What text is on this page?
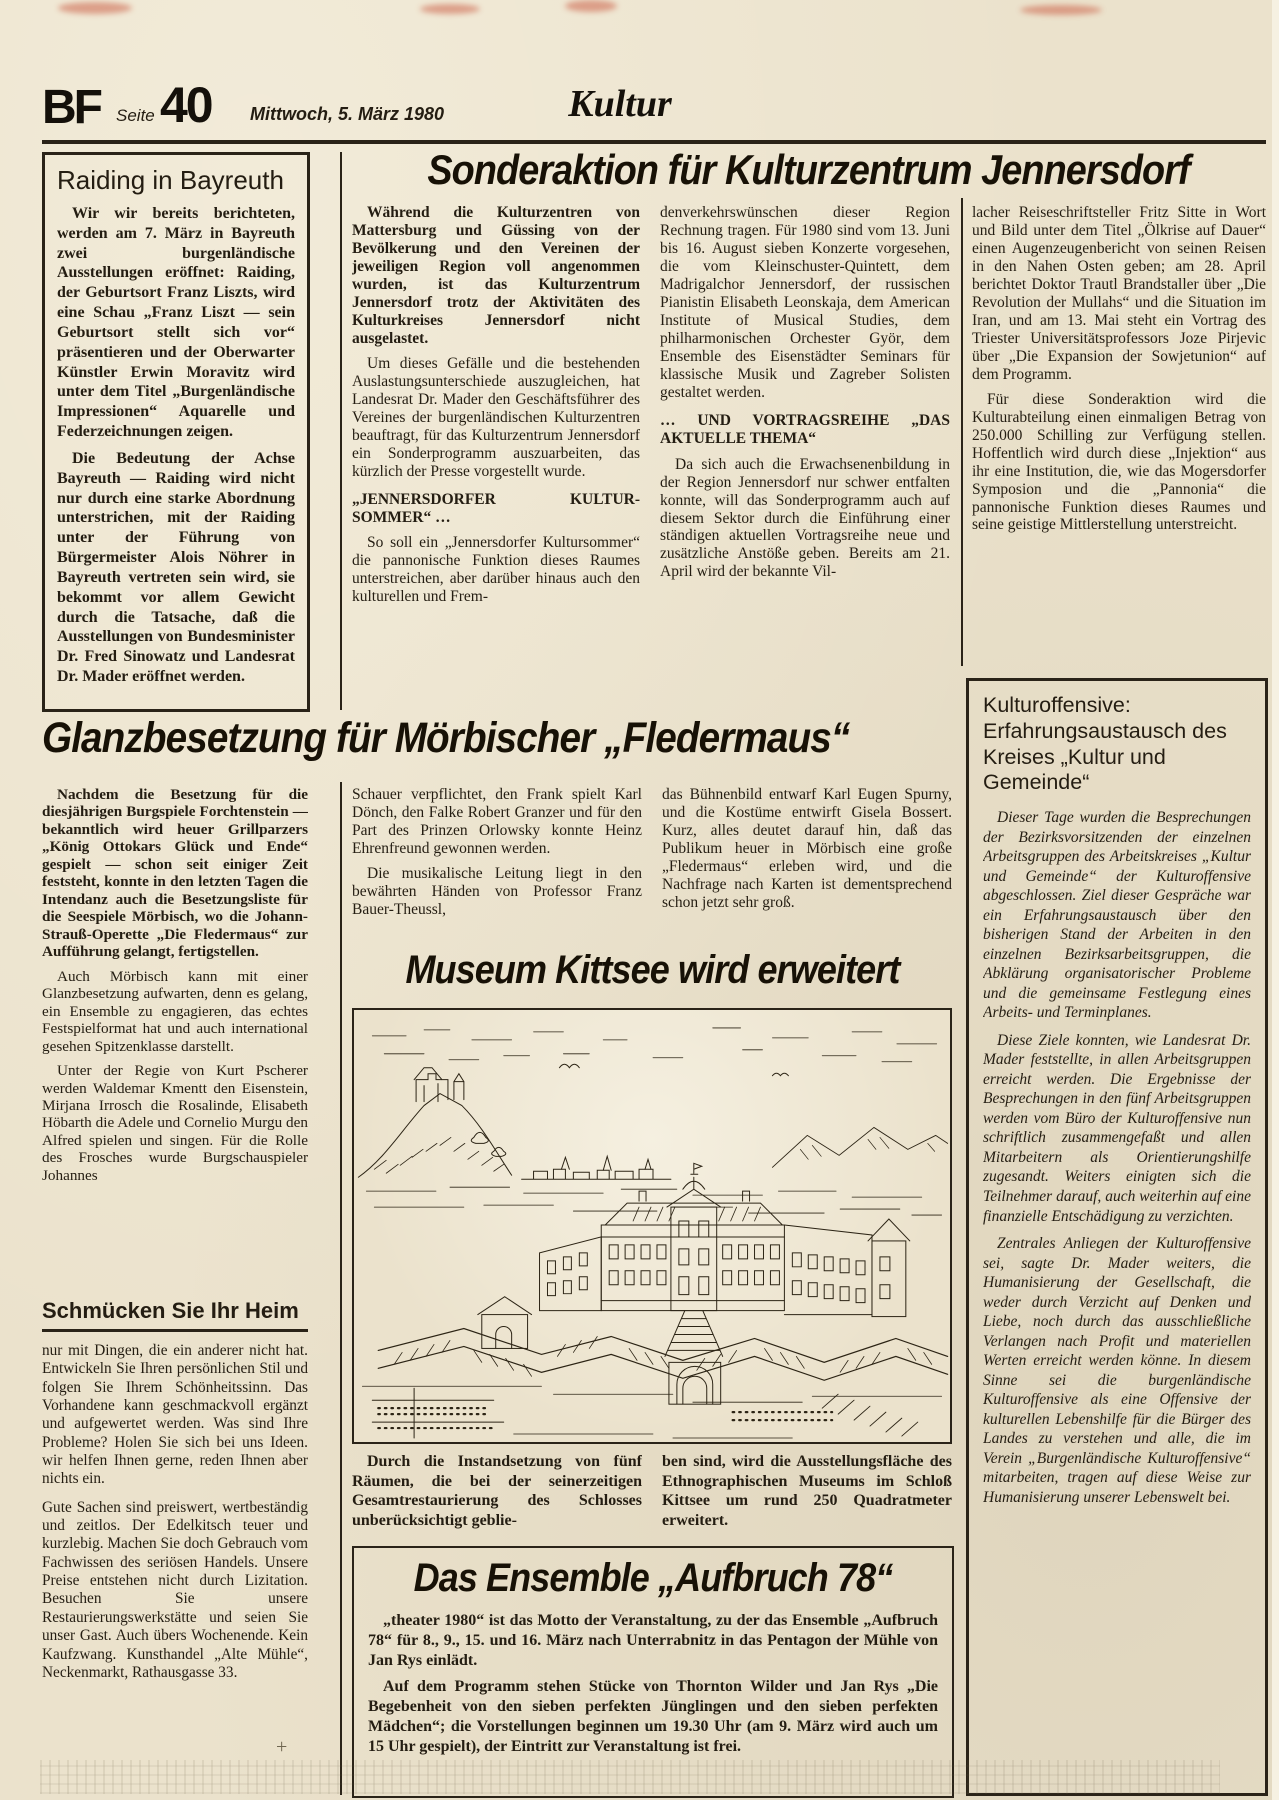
BF Seite 40 Mittwoch, 5. März 1980	Kultur
Raiding in Bayreuth

Wir wir bereits berichteten, werden am 7. März in Bayreuth zwei burgenländische Ausstellungen eröffnet: Raiding, der Geburtsort Franz Liszts, wird eine Schau „Franz Liszt — sein Geburtsort stellt sich vor“ präsentieren und der Oberwarter Künstler Erwin Moravitz wird unter dem Titel „Burgenländische Impressionen“ Aquarelle und Federzeichnungen zeigen.

Die Bedeutung der Achse Bayreuth — Raiding wird nicht nur durch eine starke Abordnung unterstrichen, mit der Raiding unter der Führung von Bürgermeister Alois Nöhrer in Bayreuth vertreten sein wird, sie bekommt vor allem Gewicht durch die Tatsache, daß die Ausstellungen von Bundesminister Dr. Fred Sinowatz und Landesrat Dr. Mader eröffnet werden.

Sonderaktion für Kulturzentrum Jennersdorf

Während die Kulturzentren von Mattersburg und Güssing von der Bevölkerung und den Vereinen der jeweiligen Region voll angenommen wurden, ist das Kulturzentrum Jennersdorf trotz der Aktivitäten des Kulturkreises Jennersdorf nicht ausgelastet.

Um dieses Gefälle und die bestehenden Auslastungsunterschiede auszugleichen, hat Landesrat Dr. Mader den Geschäftsführer des Vereines der burgenländischen Kulturzentren beauftragt, für das Kulturzentrum Jennersdorf ein Sonderprogramm auszuarbeiten, das kürzlich der Presse vorgestellt wurde.

„JENNERSDORFER KULTUR-SOMMER“ …

So soll ein „Jennersdorfer Kultursommer“ die pannonische Funktion dieses Raumes unterstreichen, aber darüber hinaus auch den kulturellen und Frem-

denverkehrswünschen dieser Region Rechnung tragen. Für 1980 sind vom 13. Juni bis 16. August sieben Konzerte vorgesehen, die vom Kleinschuster-Quintett, dem Madrigalchor Jennersdorf, der russischen Pianistin Elisabeth Leonskaja, dem American Institute of Musical Studies, dem philharmonischen Orchester Györ, dem Ensemble des Eisenstädter Seminars für klassische Musik und Zagreber Solisten gestaltet werden.

… UND VORTRAGSREIHE „DAS AKTUELLE THEMA“

Da sich auch die Erwachsenenbildung in der Region Jennersdorf nur schwer entfalten konnte, will das Sonderprogramm auch auf diesem Sektor durch die Einführung einer ständigen aktuellen Vortragsreihe neue und zusätzliche Anstöße geben. Bereits am 21. April wird der bekannte Vil-

lacher Reiseschriftsteller Fritz Sitte in Wort und Bild unter dem Titel „Ölkrise auf Dauer“ einen Augenzeugenbericht von seinen Reisen in den Nahen Osten geben; am 28. April berichtet Doktor Trautl Brandstaller über „Die Revolution der Mullahs“ und die Situation im Iran, und am 13. Mai steht ein Vortrag des Triester Universitätsprofessors Joze Pirjevic über „Die Expansion der Sowjetunion“ auf dem Programm.

Für diese Sonderaktion wird die Kulturabteilung einen einmaligen Betrag von 250.000 Schilling zur Verfügung stellen. Hoffentlich wird durch diese „Injektion“ aus ihr eine Institution, die, wie das Mogersdorfer Symposion und die „Pannonia“ die pannonische Funktion dieses Raumes und seine geistige Mittlerstellung unterstreicht.

Kulturoffensive: Erfahrungsaustausch des Kreises „Kultur und Gemeinde“

Dieser Tage wurden die Besprechungen der Bezirksvorsitzenden der einzelnen Arbeitsgruppen des Arbeitskreises „Kultur und Gemeinde“ der Kulturoffensive abgeschlossen. Ziel dieser Gespräche war ein Erfahrungsaustausch über den bisherigen Stand der Arbeiten in den einzelnen Bezirksarbeitsgruppen, die Abklärung organisatorischer Probleme und die gemeinsame Festlegung eines Arbeits- und Terminplanes.

Diese Ziele konnten, wie Landesrat Dr. Mader feststellte, in allen Arbeitsgruppen erreicht werden. Die Ergebnisse der Besprechungen in den fünf Arbeitsgruppen werden vom Büro der Kulturoffensive nun schriftlich zusammengefaßt und allen Mitarbeitern als Orientierungshilfe zugesandt. Weiters einigten sich die Teilnehmer darauf, auch weiterhin auf eine finanzielle Entschädigung zu verzichten.

Zentrales Anliegen der Kulturoffensive sei, sagte Dr. Mader weiters, die Humanisierung der Gesellschaft, die weder durch Verzicht auf Denken und Liebe, noch durch das ausschließliche Verlangen nach Profit und materiellen Werten erreicht werden könne. In diesem Sinne sei die burgenländische Kulturoffensive als eine Offensive der kulturellen Lebenshilfe für die Bürger des Landes zu verstehen und alle, die im Verein „Burgenländische Kulturoffensive“ mitarbeiten, tragen auf diese Weise zur Humanisierung unserer Lebenswelt bei.

Glanzbesetzung für Mörbischer „Fledermaus“

Nachdem die Besetzung für die diesjährigen Burgspiele Forchtenstein — bekanntlich wird heuer Grillparzers „König Ottokars Glück und Ende“ gespielt — schon seit einiger Zeit feststeht, konnte in den letzten Tagen die Intendanz auch die Besetzungsliste für die Seespiele Mörbisch, wo die Johann-Strauß-Operette „Die Fledermaus“ zur Aufführung gelangt, fertigstellen.

Auch Mörbisch kann mit einer Glanzbesetzung aufwarten, denn es gelang, ein Ensemble zu engagieren, das echtes Festspielformat hat und auch international gesehen Spitzenklasse darstellt.

Unter der Regie von Kurt Pscherer werden Waldemar Kmentt den Eisenstein, Mirjana Irrosch die Rosalinde, Elisabeth Höbarth die Adele und Cornelio Murgu den Alfred spielen und singen. Für die Rolle des Frosches wurde Burgschauspieler Johannes

Schauer verpflichtet, den Frank spielt Karl Dönch, den Falke Robert Granzer und für den Part des Prinzen Orlowsky konnte Heinz Ehrenfreund gewonnen werden.

Die musikalische Leitung liegt in den bewährten Händen von Professor Franz Bauer-Theussl,

das Bühnenbild entwarf Karl Eugen Spurny, und die Kostüme entwirft Gisela Bossert. Kurz, alles deutet darauf hin, daß das Publikum heuer in Mörbisch eine große „Fledermaus“ erleben wird, und die Nachfrage nach Karten ist dementsprechend schon jetzt sehr groß.

Museum Kittsee wird erweitert

Durch die Instandsetzung von fünf Räumen, die bei der seinerzeitigen Gesamtrestaurierung des Schlosses unberücksichtigt geblie-

ben sind, wird die Ausstellungsfläche des Ethnographischen Museums im Schloß Kittsee um rund 250 Quadratmeter erweitert.

Schmücken Sie Ihr Heim

nur mit Dingen, die ein anderer nicht hat. Entwickeln Sie Ihren persönlichen Stil und folgen Sie Ihrem Schönheitssinn. Das Vorhandene kann geschmackvoll ergänzt und aufgewertet werden. Was sind Ihre Probleme? Holen Sie sich bei uns Ideen. wir helfen Ihnen gerne, reden Ihnen aber nichts ein.

Gute Sachen sind preiswert, wertbeständig und zeitlos. Der Edelkitsch teuer und kurzlebig. Machen Sie doch Gebrauch vom Fachwissen des seriösen Handels. Unsere Preise entstehen nicht durch Lizitation. Besuchen Sie unsere Restaurierungswerkstätte und seien Sie unser Gast. Auch übers Wochenende. Kein Kaufzwang. Kunsthandel „Alte Mühle“, Neckenmarkt, Rathausgasse 33.

Das Ensemble „Aufbruch 78“

„theater 1980“ ist das Motto der Veranstaltung, zu der das Ensemble „Aufbruch 78“ für 8., 9., 15. und 16. März nach Unterrabnitz in das Pentagon der Mühle von Jan Rys einlädt.

Auf dem Programm stehen Stücke von Thornton Wilder und Jan Rys „Die Begebenheit von den sieben perfekten Jünglingen und den sieben perfekten Mädchen“; die Vorstellungen beginnen um 19.30 Uhr (am 9. März wird auch um 15 Uhr gespielt), der Eintritt zur Veranstaltung ist frei.

+
